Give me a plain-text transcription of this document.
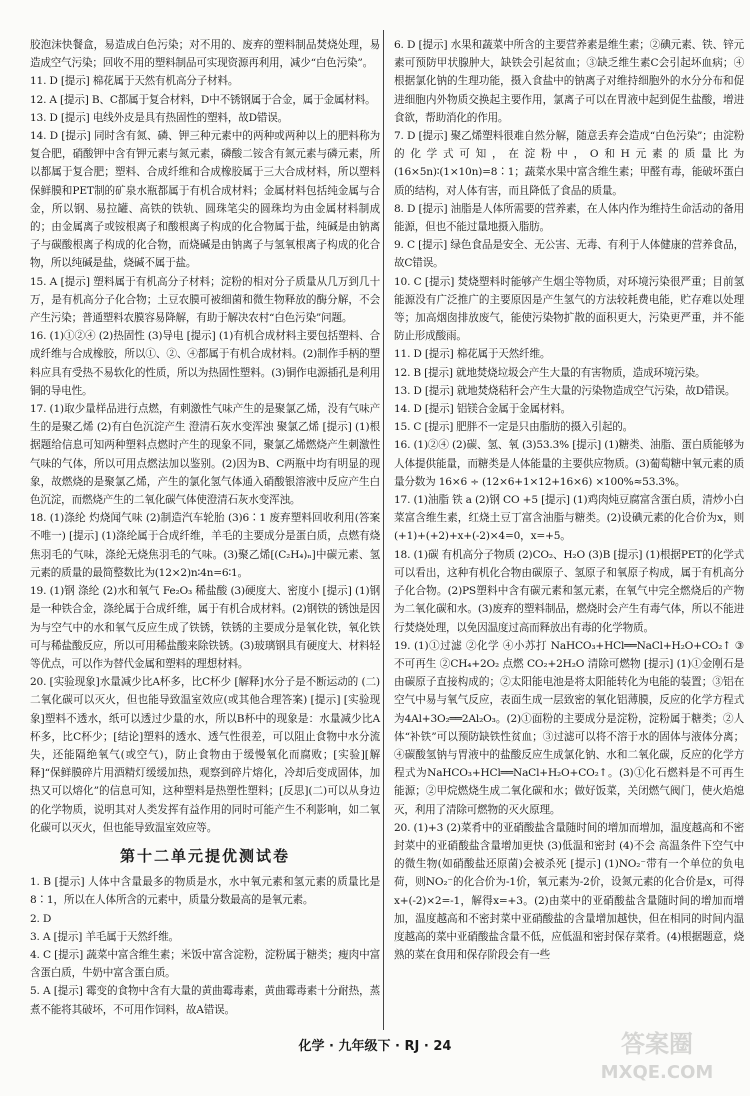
胶泡沫快餐盒，易造成白色污染；对不用的、废弃的塑料制品焚烧处理，易造成空气污染；回收不用的塑料制品可实现资源再利用，减少“白色污染”。

11. D [提示] 棉花属于天然有机高分子材料。

12. A [提示] B、C都属于复合材料，D中不锈钢属于合金，属于金属材料。

13. D [提示] 电线外皮是具有热固性的塑料，故D错误。

14. D [提示] 同时含有氮、磷、钾三种元素中的两种或两种以上的肥料称为复合肥，硝酸钾中含有钾元素与氮元素，磷酸二铵含有氮元素与磷元素，所以都属于复合肥；塑料、合成纤维和合成橡胶属于三大合成材料，所以塑料保鲜膜和PET制的矿泉水瓶都属于有机合成材料；金属材料包括纯金属与合金，所以钢、易拉罐、高铁的铁轨、圆珠笔尖的圆珠均为由金属材料制成的；由金属离子或铵根离子和酸根离子构成的化合物属于盐，纯碱是由钠离子与碳酸根离子构成的化合物，而烧碱是由钠离子与氢氧根离子构成的化合物，所以纯碱是盐，烧碱不属于盐。

15. A [提示] 塑料属于有机高分子材料；淀粉的相对分子质量从几万到几十万，是有机高分子化合物；土豆农膜可被细菌和微生物释放的酶分解，不会产生污染；普通塑料农膜容易降解，有助于解决农村“白色污染”问题。

16. (1)①②④ (2)热固性 (3)导电 [提示] (1)有机合成材料主要包括塑料、合成纤维与合成橡胶，所以①、②、④都属于有机合成材料。(2)制作手柄的塑料应具有受热不易软化的性质，所以为热固性塑料。(3)铜作电源插孔是利用铜的导电性。

17. (1)取少量样品进行点燃，有刺激性气味产生的是聚氯乙烯，没有气味产生的是聚乙烯 (2)有白色沉淀产生 澄清石灰水变浑浊 聚氯乙烯 [提示] (1)根据题给信息可知两种塑料点燃时产生的现象不同，聚氯乙烯燃烧产生刺激性气味的气体，所以可用点燃法加以鉴别。(2)因为B、C两瓶中均有明显的现象，故燃烧的是聚氯乙烯，产生的氯化氢气体通入硝酸银溶液中反应产生白色沉淀，而燃烧产生的二氧化碳气体使澄清石灰水变浑浊。

18. (1)涤纶 灼烧闻气味 (2)制造汽车轮胎 (3)6∶1 废弃塑料回收利用(答案不唯一) [提示] (1)涤纶属于合成纤维，羊毛的主要成分是蛋白质，点燃有烧焦羽毛的气味，涤纶无烧焦羽毛的气味。(3)聚乙烯[(C₂H₄)ₙ]中碳元素、氢元素的质量的最简整数比为(12×2)n∶4n=6∶1。

19. (1)钢 涤纶 (2)水和氧气 Fe₂O₃ 稀盐酸 (3)硬度大、密度小 [提示] (1)钢是一种铁合金，涤纶属于合成纤维，属于有机合成材料。(2)钢铁的锈蚀是因为与空气中的水和氧气反应生成了铁锈，铁锈的主要成分是氧化铁，氧化铁可与稀盐酸反应，所以可用稀盐酸来除铁锈。(3)玻璃钢具有硬度大、材料轻等优点，可以作为替代金属和塑料的理想材料。

20. [实验现象]水量减少比A杯多，比C杯少 [解释]水分子是不断运动的 (二)二氧化碳可以灭火，但也能导致温室效应(或其他合理答案) [提示] [实验现象]塑料不透水，纸可以透过少量的水，所以B杯中的现象是：水量减少比A杯多，比C杯少；[结论]塑料的透水、透气性很差，可以阻止食物中水分流失，还能隔绝氧气(或空气)，防止食物由于缓慢氧化而腐败；[实验][解释]“保鲜膜碎片用酒精灯缓缓加热，观察到碎片熔化，冷却后变成固体，加热又可以熔化”的信息可知，这种塑料是热塑性塑料；[反思](二)可以从身边的化学物质，说明其对人类发挥有益作用的同时可能产生不利影响，如二氧化碳可以灭火，但也能导致温室效应等。

第十二单元提优测试卷

1. B [提示] 人体中含量最多的物质是水，水中氧元素和氢元素的质量比是8∶1，所以在人体所含的元素中，质量分数最高的是氧元素。

2. D

3. A [提示] 羊毛属于天然纤维。

4. C [提示] 蔬菜中富含维生素；米饭中富含淀粉，淀粉属于糖类；瘦肉中富含蛋白质，牛奶中富含蛋白质。

5. A [提示] 霉变的食物中含有大量的黄曲霉毒素，黄曲霉毒素十分耐热，蒸煮不能将其破坏，不可用作饲料，故A错误。

6. D [提示] 水果和蔬菜中所含的主要营养素是维生素；②碘元素、铁、锌元素可预防甲状腺肿大，缺铁会引起贫血；③缺乏维生素C会引起坏血病；④根据氯化钠的生理功能，摄入食盐中的钠离子对维持细胞外的水分分布和促进细胞内外物质交换起主要作用，氯离子可以在胃液中起到促生盐酸，增进食欲，帮助消化的作用。

7. D [提示] 聚乙烯塑料很难自然分解，随意丢弃会造成“白色污染”；由淀粉的化学式可知，在淀粉中，O和H元素的质量比为(16×5n)∶(1×10n)=8∶1；蔬菜水果中富含维生素；甲醛有毒，能破坏蛋白质的结构，对人体有害，而且降低了食品的质量。

8. D [提示] 油脂是人体所需要的营养素，在人体内作为维持生命活动的备用能源，但也不能过量地摄入脂肪。

9. C [提示] 绿色食品是安全、无公害、无毒、有利于人体健康的营养食品，故C错误。

10. C [提示] 焚烧塑料时能够产生烟尘等物质，对环境污染很严重；目前氢能源没有广泛推广的主要原因是产生氢气的方法较耗费电能，贮存难以处理等；加高烟囱排放废气，能使污染物扩散的面积更大，污染更严重，并不能防止形成酸雨。

11. D [提示] 棉花属于天然纤维。

12. B [提示] 就地焚烧垃圾会产生大量的有害物质，造成环境污染。

13. D [提示] 就地焚烧秸秆会产生大量的污染物造成空气污染，故D错误。

14. D [提示] 铝镁合金属于金属材料。

15. C [提示] 肥胖不一定是只由脂肪的摄入引起的。

16. (1)②④ (2)碳、氢、氧 (3)53.3% [提示] (1)糖类、油脂、蛋白质能够为人体提供能量，而糖类是人体能量的主要供应物质。(3)葡萄糖中氧元素的质量分数为 16×6 ÷ (12×6+1×12+16×6) ×100%≈53.3%。

17. (1)油脂 铁 a (2)钢 CO +5 [提示] (1)鸡肉炖豆腐富含蛋白质，清炒小白菜富含维生素，红烧土豆丁富含油脂与糖类。(2)设碘元素的化合价为x，则(+1)+(+2)+x+(-2)×4=0，x=+5。

18. (1)碳 有机高分子物质 (2)CO₂、H₂O (3)B [提示] (1)根据PET的化学式可以看出，这种有机化合物由碳原子、氢原子和氧原子构成，属于有机高分子化合物。(2)PS塑料中含有碳元素和氢元素，在氧气中完全燃烧后的产物为二氧化碳和水。(3)废弃的塑料制品，燃烧时会产生有毒气体，所以不能进行焚烧处理，以免因温度过高而释放出有毒的化学物质。

19. (1)①过滤 ②化学 ④小苏打 NaHCO₃+HCl══NaCl+H₂O+CO₂↑ ③不可再生 ②CH₄+2O₂ 点燃 CO₂+2H₂O 清除可燃物 [提示] (1)①金刚石是由碳原子直接构成的；②太阳能电池是将太阳能转化为电能的装置；③铝在空气中易与氧气反应，表面生成一层致密的氧化铝薄膜，反应的化学方程式为4Al+3O₂══2Al₂O₃。(2)①面粉的主要成分是淀粉，淀粉属于糖类；②人体“补铁”可以预防缺铁性贫血；③过滤可以将不溶于水的固体与液体分离；④碳酸氢钠与胃液中的盐酸反应生成氯化钠、水和二氧化碳，反应的化学方程式为NaHCO₃+HCl══NaCl+H₂O+CO₂↑。(3)①化石燃料是不可再生能源；②甲烷燃烧生成二氧化碳和水；做好饭菜，关闭燃气阀门，使火焰熄灭，利用了清除可燃物的灭火原理。

20. (1)+3 (2)菜肴中的亚硝酸盐含量随时间的增加而增加，温度越高和不密封菜中的亚硝酸盐含量增加更快 (3)低温和密封 (4)不会 高温条件下空气中的微生物(如硝酸盐还原菌)会被杀死 [提示] (1)NO₂⁻带有一个单位的负电荷，则NO₂⁻的化合价为-1价，氧元素为-2价，设氮元素的化合价是x，可得x+(-2)×2=-1，解得x=+3。(2)由菜中的亚硝酸盐含量随时间的增加而增加，温度越高和不密封菜中亚硝酸盐的含量增加越快，但在相同的时间内温度越高的菜中亚硝酸盐含量不低，应低温和密封保存菜肴。(4)根据题意，烧熟的菜在食用和保存阶段会有一些

化学 · 九年级下 · RJ · 24	答案圈
MXQE.COM
